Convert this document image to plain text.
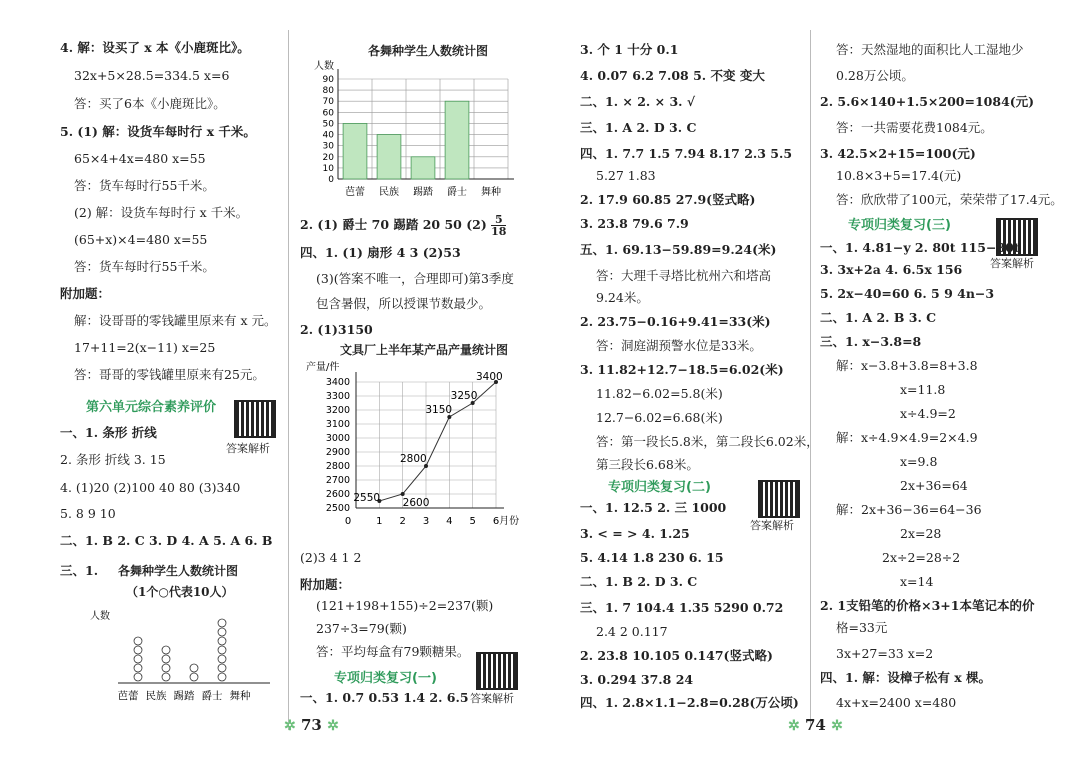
4. 解：设买了 x 本《小鹿斑比》。
32x+5×28.5=334.5 x=6
答：买了6本《小鹿斑比》。
5. (1) 解：设货车每时行 x 千米。
65×4+4x=480 x=55
答：货车每时行55千米。
(2) 解：设货车每时行 x 千米。
(65+x)×4=480 x=55
答：货车每时行55千米。
附加题：
解：设哥哥的零钱罐里原来有 x 元。
17+11=2(x−11) x=25
答：哥哥的零钱罐里原来有25元。
第六单元综合素养评价
答案解析
一、1. 条形 折线
2. 条形 折线 3. 15
4. (1)20 (2)100 40 80 (3)340
5. 8 9 10
二、1. B 2. C 3. D 4. A 5. A 6. B
三、1. 各舞种学生人数统计图
（1个○代表10人）
人数
芭蕾 民族 踢踏 爵士 舞种
各舞种学生人数统计图
人数
0
10
20
30
40
50
60
70
80
90
芭蕾 民族 踢踏 爵士 舞种
2. (1) 爵士 70 踢踏 20 50 $(2) \frac{5}{18}$
四、1. (1) 扇形 4 3 (2)53
(3)(答案不唯一，合理即可)第3季度
包含暑假，所以授课节数最少。
2. (1)3150
文具厂上半年某产品产量统计图
产量/件
2500
2600
2700
2800
2900
3000
3100
3200
3300
3400
0 1 2 3 4 5 6月份
2550 2600
2800
3150
3250
3400
(2)3 4 1 2
附加题：
(121+198+155)÷2=237(颗)
237÷3=79(颗)
答：平均每盒有79颗糖果。
专项归类复习(一)
答案解析
一、1. 0.7 0.53 1.4 2. 6.5
3. 个 1 十分 0.1
4. 0.07 6.2 7.08 5. 不变 变大
二、1. × 2. × 3. √
三、1. A 2. D 3. C
四、1. 7.7 1.5 7.94 8.17 2.3 5.5
5.27 1.83
2. 17.9 60.85 27.9(竖式略)
3. 23.8 79.6 7.9
五、1. 69.13−59.89=9.24(米)
答：大理千寻塔比杭州六和塔高
9.24米。
2. 23.75−0.16+9.41=33(米)
答：洞庭湖预警水位是33米。
3. 11.82+12.7−18.5=6.02(米)
11.82−6.02=5.8(米)
12.7−6.02=6.68(米)
答：第一段长5.8米，第二段长6.02米，
第三段长6.68米。
专项归类复习(二)
答案解析
一、1. 12.5 2. 三 1000
3. < = > 4. 1.25
5. 4.14 1.8 230 6. 15
二、1. B 2. D 3. C
三、1. 7 104.4 1.35 5290 0.72
2.4 2 0.117
2. 23.8 10.105 0.147(竖式略)
3. 0.294 37.8 24
四、1. 2.8×1.1−2.8=0.28(万公顷)
答：天然湿地的面积比人工湿地少
0.28万公顷。
2. 5.6×140+1.5×200=1084(元)
答：一共需要花费1084元。
3. 42.5×2+15=100(元)
10.8×3+5=17.4(元)
答：欣欣带了100元，荣荣带了17.4元。
专项归类复习(三)
答案解析
一、1. 4.81−y 2. 80t 115−80t
3. 3x+2a 4. 6.5x 156
5. 2x−40=60 6. 5 9 4n−3
二、1. A 2. B 3. C
三、1. x−3.8=8
解：x−3.8+3.8=8+3.8
x=11.8
x÷4.9=2
解：x÷4.9×4.9=2×4.9
x=9.8
2x+36=64
解：2x+36−36=64−36
2x=28
2x÷2=28÷2
x=14
2. 1支铅笔的价格×3+1本笔记本的价
格=33元
3x+27=33 x=2
四、1. 解：设樟子松有 x 棵。
4x+x=2400 x=480
✲ 73 ✲	✲ 74 ✲
